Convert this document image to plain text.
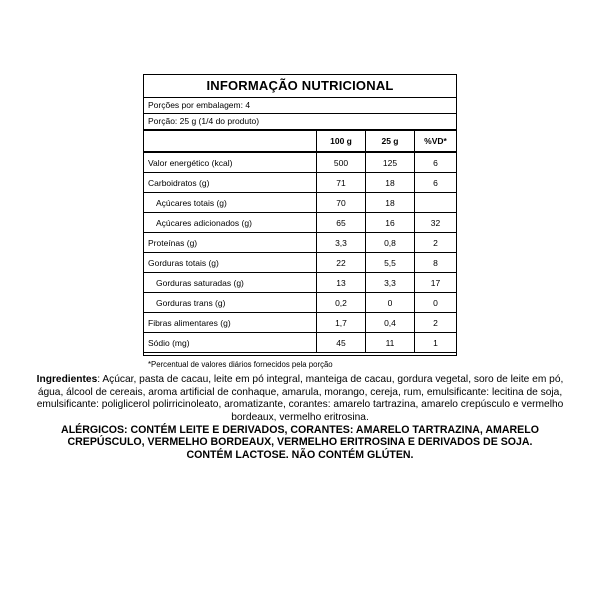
INFORMAÇÃO NUTRICIONAL
Porções por embalagem: 4
Porção: 25 g (1/4 do produto)
	100 g	25 g	%VD*
Valor energético (kcal)	500	125	6
Carboidratos (g)	71	18	6
Açúcares totais (g)	70	18	
Açúcares adicionados (g)	65	16	32
Proteínas (g)	3,3	0,8	2
Gorduras totais (g)	22	5,5	8
Gorduras saturadas (g)	13	3,3	17
Gorduras trans (g)	0,2	0	0
Fibras alimentares (g)	1,7	0,4	2
Sódio (mg)	45	11	1
*Percentual de valores diários fornecidos pela porção
Ingredientes: Açúcar, pasta de cacau, leite em pó integral, manteiga de cacau, gordura vegetal, soro de leite em pó, água, álcool de cereais, aroma artificial de conhaque, amarula, morango, cereja, rum, emulsificante: lecitina de soja, emulsificante: poliglicerol polirricinoleato, aromatizante, corantes: amarelo tartrazina, amarelo crepúsculo e vermelho bordeaux, vermelho eritrosina.
ALÉRGICOS: CONTÉM LEITE E DERIVADOS, CORANTES: AMARELO TARTRAZINA, AMARELO CREPÚSCULO, VERMELHO BORDEAUX, VERMELHO ERITROSINA E DERIVADOS DE SOJA.
CONTÉM LACTOSE. NÃO CONTÉM GLÚTEN.
